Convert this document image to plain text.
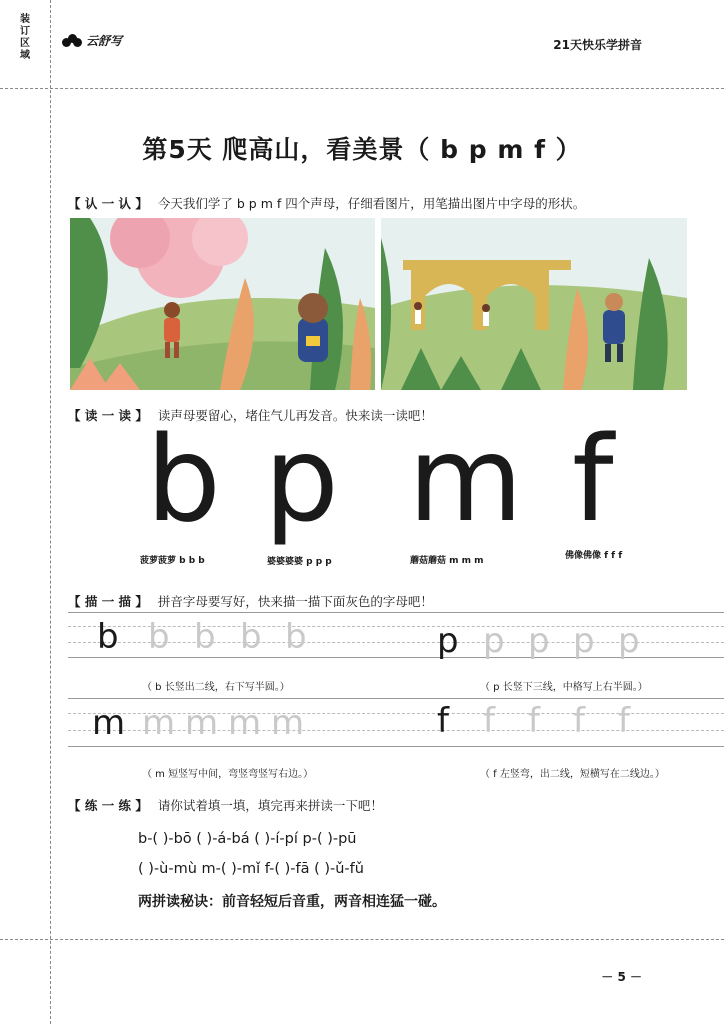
装订区域
云舒写	21天快乐学拼音
第5天 爬高山，看美景（ b p m f ）
【 认 一 认 】 今天我们学了 b p m f 四个声母，仔细看图片，用笔描出图片中字母的形状。
【 读 一 读 】 读声母要留心，堵住气儿再发音。快来读一读吧！
b p m f
菠萝菠萝 b b b	婆婆婆婆 p p p	蘑菇蘑菇 m m m	佛像佛像 f f f
【 描 一 描 】 拼音字母要写好，快来描一描下面灰色的字母吧！
b b b b b	p p p p p
（ b 长竖出二线，右下写半圆。）	（ p 长竖下三线，中格写上右半圆。）
m m m m m	f f f f f
（ m 短竖写中间，弯竖弯竖写右边。）	（ f 左竖弯，出二线，短横写在二线边。）
【 练 一 练 】 请你试着填一填，填完再来拼读一下吧！
b-( )-bō ( )-á-bá ( )-í-pí p-( )-pū
( )-ù-mù m-( )-mǐ f-( )-fā ( )-ǔ-fǔ
两拼读秘诀：前音轻短后音重，两音相连猛一碰。
－ 5 －
